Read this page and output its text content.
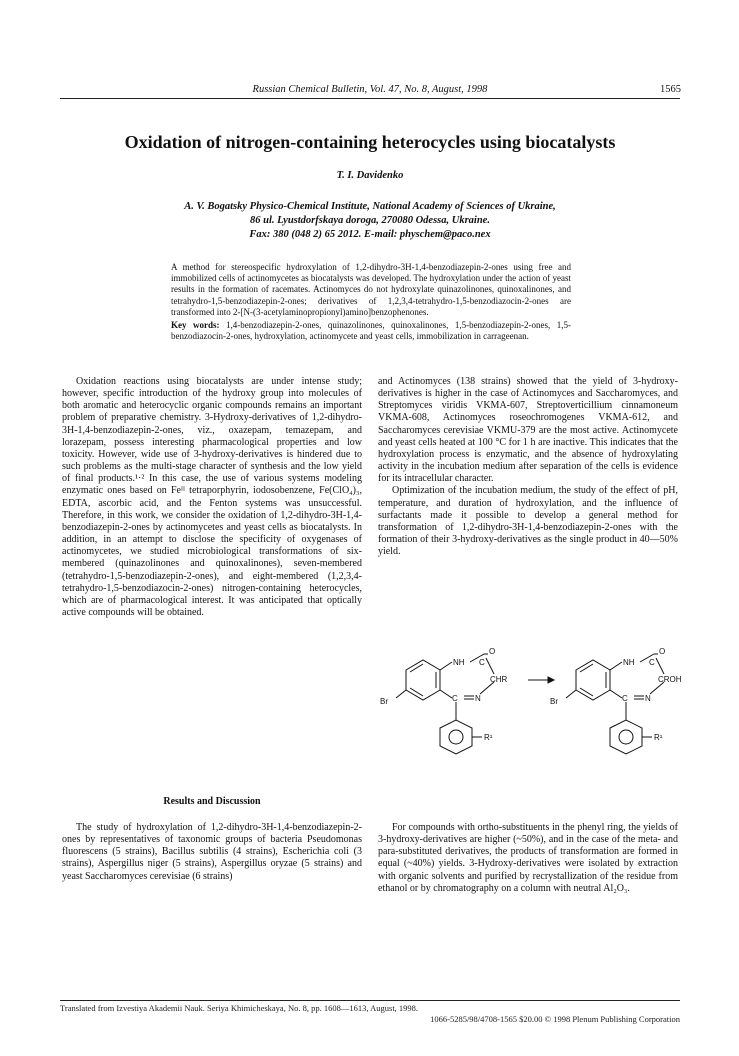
Russian Chemical Bulletin, Vol. 47, No. 8, August, 1998	1565
Oxidation of nitrogen-containing heterocycles using biocatalysts
T. I. Davidenko
A. V. Bogatsky Physico-Chemical Institute, National Academy of Sciences of Ukraine,
86 ul. Lyustdorfskaya doroga, 270080 Odessa, Ukraine.
Fax: 380 (048 2) 65 2012. E-mail: physchem@paco.nex

A method for stereospecific hydroxylation of 1,2-dihydro-3H-1,4-benzodiazepin-2-ones using free and immobilized cells of actinomycetes as biocatalysts was developed. The hydroxylation under the action of yeast results in the formation of racemates. Actinomyces do not hydroxylate quinazolinones, quinoxalinones, and tetrahydro-1,5-benzodiazepin-2-ones; derivatives of 1,2,3,4-tetrahydro-1,5-benzodiazocin-2-ones are transformed into 2-[N-(3-acetylaminopropionyl)amino]benzophenones.

Key words: 1,4-benzodiazepin-2-ones, quinazolinones, quinoxalinones, 1,5-benzodiazepin-2-ones, 1,5-benzodiazocin-2-ones, hydroxylation, actinomycete and yeast cells, immobilization in carrageenan.

Oxidation reactions using biocatalysts are under intense study; however, specific introduction of the hydroxy group into molecules of both aromatic and heterocyclic organic compounds remains an important problem of preparative chemistry. 3-Hydroxy-derivatives of 1,2-dihydro-3H-1,4-benzodiazepin-2-ones, viz., oxazepam, temazepam, and lorazepam, possess interesting pharmacological properties and low toxicity. However, wide use of 3-hydroxy-derivatives is hindered due to such problems as the multi-stage character of synthesis and the low yield of final products.¹·² In this case, the use of various systems modeling enzymatic ones based on Feᴵᴵ tetraporphyrin, iodosobenzene, Fe(ClO₄)₃, EDTA, ascorbic acid, and the Fenton systems was unsuccessful. Therefore, in this work, we consider the oxidation of 1,2-dihydro-3H-1,4-benzodiazepin-2-ones by actinomycetes and yeast cells as biocatalysts. In addition, in an attempt to disclose the specificity of oxygenases of actinomycetes, we studied microbiological transformations of six-membered (quinazolinones and quinoxalinones), seven-membered (tetrahydro-1,5-benzodiazepin-2-ones), and eight-membered (1,2,3,4-tetrahydro-1,5-benzodiazocin-2-ones) nitrogen-containing heterocycles, which are of pharmacological interest. It was anticipated that optically active compounds will be obtained.

Results and Discussion

The study of hydroxylation of 1,2-dihydro-3H-1,4-benzodiazepin-2-ones by representatives of taxonomic groups of bacteria Pseudomonas fluorescens (5 strains), Bacillus subtilis (4 strains), Escherichia coli (3 strains), Aspergillus niger (5 strains), Aspergillus oryzae (5 strains) and yeast Saccharomyces cerevisiae (6 strains)

and Actinomyces (138 strains) showed that the yield of 3-hydroxy-derivatives is higher in the case of Actinomyces and Saccharomyces, and Streptomyces viridis VKMA-607, Streptoverticillium cinnamoneum VKMA-608, Actinomyces roseochromogenes VKMA-612, and Saccharomyces cerevisiae VKMU-379 are the most active. Actinomycete and yeast cells heated at 100 °C for 1 h are inactive. This indicates that the hydroxylation process is enzymatic, and the absence of hydroxylating activity in the incubation medium after separation of the cells is evidence for its intracellular character.

Optimization of the incubation medium, the study of the effect of pH, temperature, and duration of hydroxylation, and the influence of surfactants made it possible to develop a general method for transformation of 1,2-dihydro-3H-1,4-benzodiazepin-2-ones with the formation of their 3-hydroxy-derivatives as the single product in 40—50% yield.

NH C
O
CHR
C N
Br
R¹
NH C
O
CROH
C N
Br
R¹

For compounds with ortho-substituents in the phenyl ring, the yields of 3-hydroxy-derivatives are higher (~50%), and in the case of the meta- and para-substituted derivatives, the products of transformation are formed in equal (~40%) yields. 3-Hydroxy-derivatives were isolated by extraction with organic solvents and purified by recrystallization of the residue from ethanol or by chromatography on a column with neutral Al₂O₃.

Translated from Izvestiya Akademii Nauk. Seriya Khimicheskaya, No. 8, pp. 1608—1613, August, 1998.
1066-5285/98/4708-1565 $20.00 © 1998 Plenum Publishing Corporation
